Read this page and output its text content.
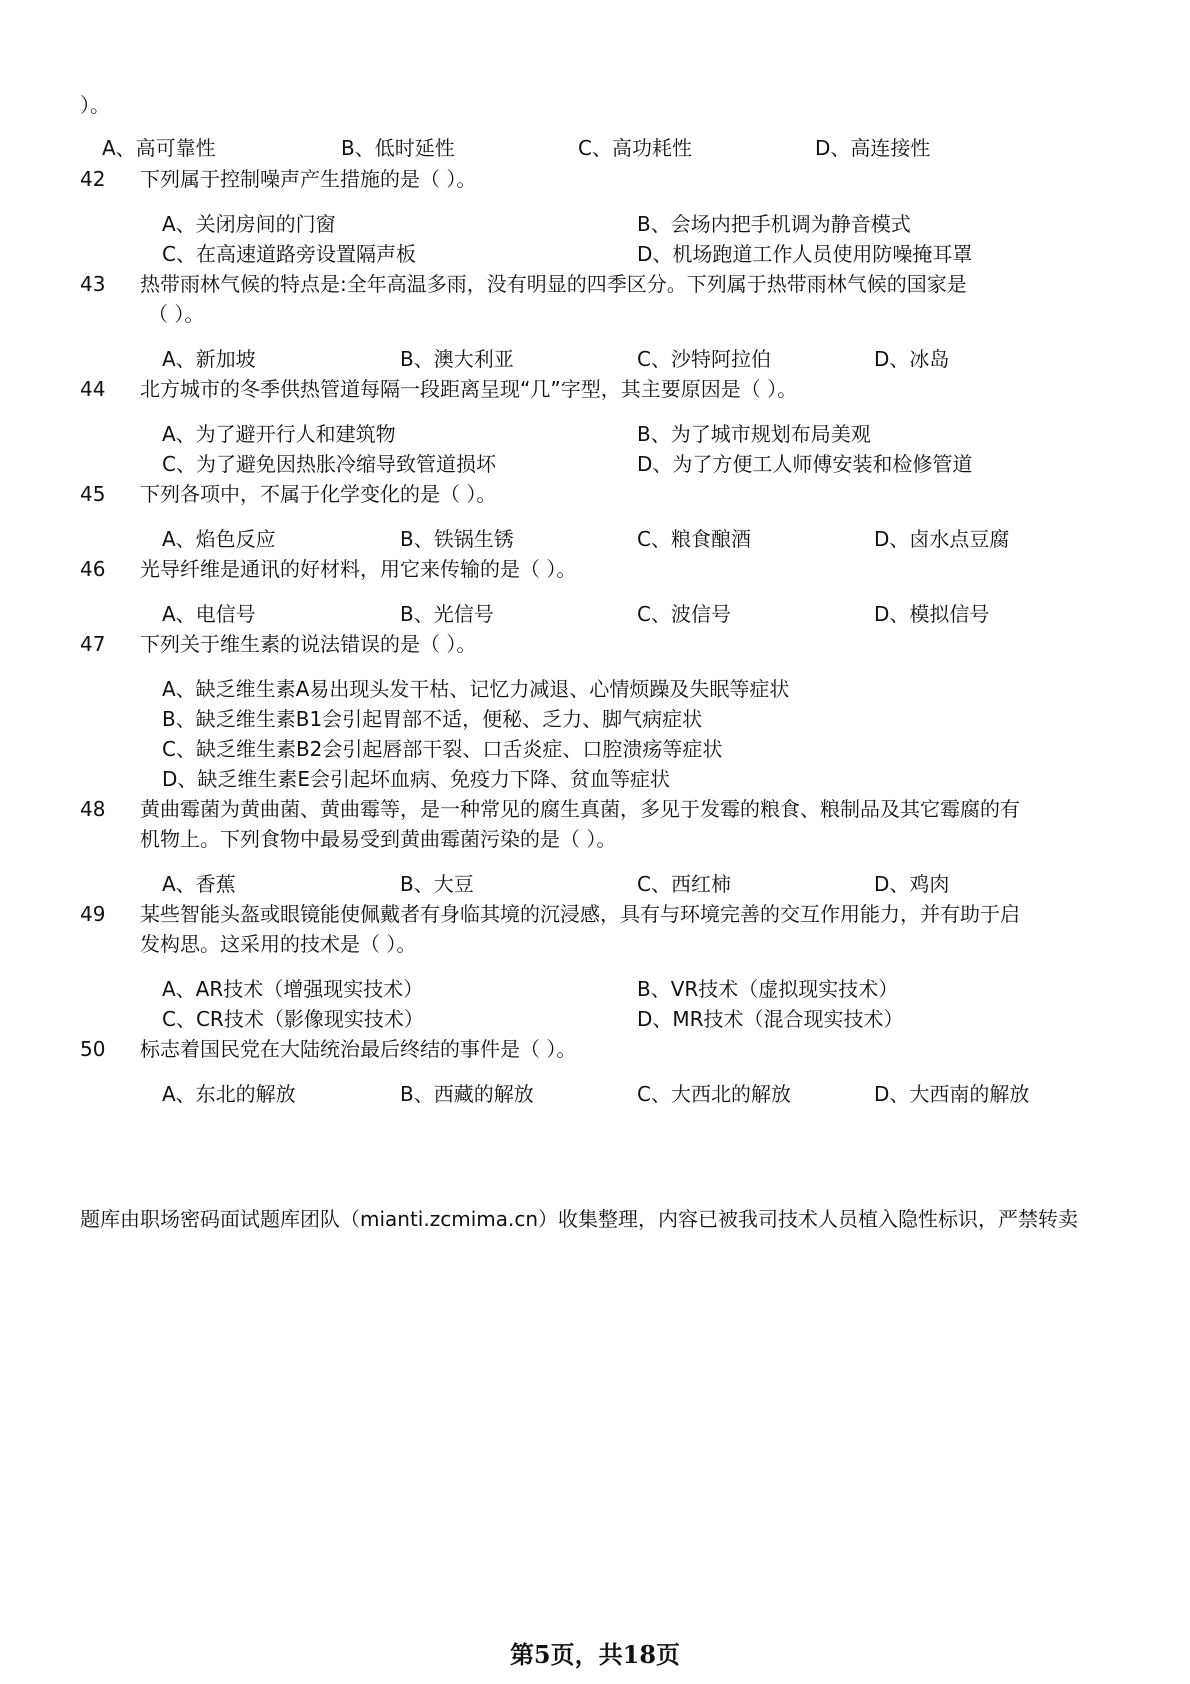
）。
A、高可靠性	B、低时延性	C、高功耗性	D、高连接性
42 下列属于控制噪声产生措施的是（ ）。
A、关闭房间的门窗	B、会场内把手机调为静音模式
C、在高速道路旁设置隔声板	D、机场跑道工作人员使用防噪掩耳罩
43 热带雨林气候的特点是:全年高温多雨，没有明显的四季区分。下列属于热带雨林气候的国家是
（ ）。
A、新加坡	B、澳大利亚	C、沙特阿拉伯	D、冰岛
44 北方城市的冬季供热管道每隔一段距离呈现“几”字型，其主要原因是（ ）。
A、为了避开行人和建筑物	B、为了城市规划布局美观
C、为了避免因热胀冷缩导致管道损坏	D、为了方便工人师傅安装和检修管道
45 下列各项中，不属于化学变化的是（ ）。
A、焰色反应	B、铁锅生锈	C、粮食酿酒	D、卤水点豆腐
46 光导纤维是通讯的好材料，用它来传输的是（ ）。
A、电信号	B、光信号	C、波信号	D、模拟信号
47 下列关于维生素的说法错误的是（ ）。
A、缺乏维生素A易出现头发干枯、记忆力减退、心情烦躁及失眠等症状
B、缺乏维生素B1会引起胃部不适，便秘、乏力、脚气病症状
C、缺乏维生素B2会引起唇部干裂、口舌炎症、口腔溃疡等症状
D、缺乏维生素E会引起坏血病、免疫力下降、贫血等症状
48 黄曲霉菌为黄曲菌、黄曲霉等，是一种常见的腐生真菌，多见于发霉的粮食、粮制品及其它霉腐的有
机物上。下列食物中最易受到黄曲霉菌污染的是（ ）。
A、香蕉	B、大豆	C、西红柿	D、鸡肉
49 某些智能头盔或眼镜能使佩戴者有身临其境的沉浸感，具有与环境完善的交互作用能力，并有助于启
发构思。这采用的技术是（ ）。
A、AR技术（增强现实技术）	B、VR技术（虚拟现实技术）
C、CR技术（影像现实技术）	D、MR技术（混合现实技术）
50 标志着国民党在大陆统治最后终结的事件是（ ）。
A、东北的解放	B、西藏的解放	C、大西北的解放	D、大西南的解放
题库由职场密码面试题库团队（mianti.zcmima.cn）收集整理，内容已被我司技术人员植入隐性标识，严禁转卖
第5页，共18页
